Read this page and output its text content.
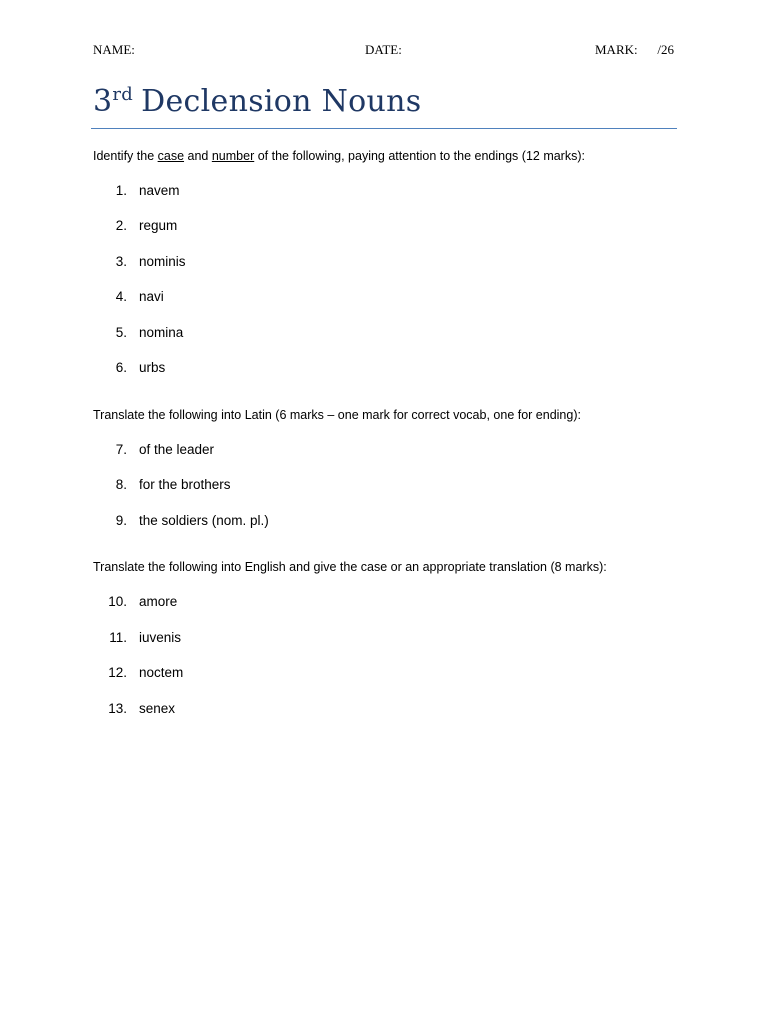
NAME:	DATE:	MARK: /26
3rd Declension Nouns
Identify the case and number of the following, paying attention to the endings (12 marks):
1. navem
2. regum
3. nominis
4. navi
5. nomina
6. urbs
Translate the following into Latin (6 marks – one mark for correct vocab, one for ending):
7. of the leader
8. for the brothers
9. the soldiers (nom. pl.)
Translate the following into English and give the case or an appropriate translation (8 marks):
10. amore
11. iuvenis
12. noctem
13. senex
